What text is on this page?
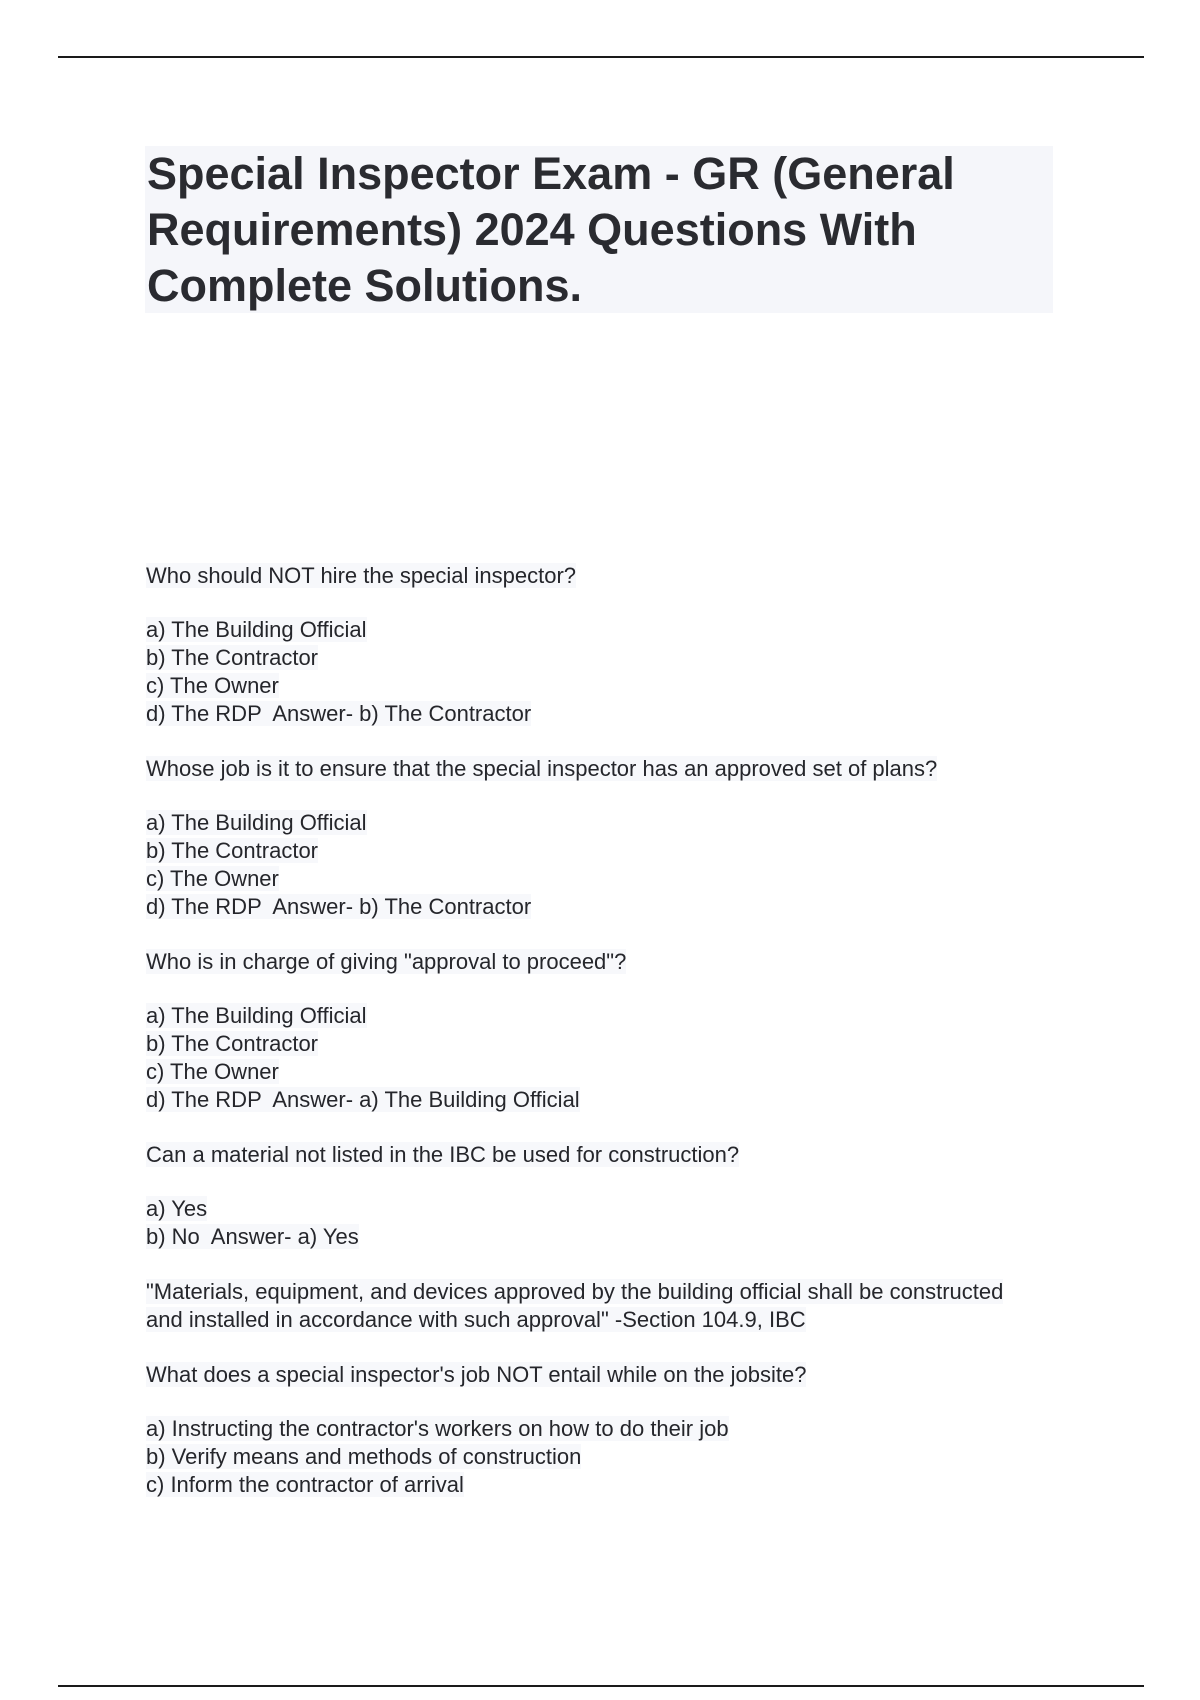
Special Inspector Exam - GR (General Requirements) 2024 Questions With Complete Solutions.
Who should NOT hire the special inspector?
a) The Building Official
b) The Contractor
c) The Owner
d) The RDP  Answer- b) The Contractor
Whose job is it to ensure that the special inspector has an approved set of plans?
a) The Building Official
b) The Contractor
c) The Owner
d) The RDP  Answer- b) The Contractor
Who is in charge of giving "approval to proceed"?
a) The Building Official
b) The Contractor
c) The Owner
d) The RDP  Answer- a) The Building Official
Can a material not listed in the IBC be used for construction?
a) Yes
b) No  Answer- a) Yes
"Materials, equipment, and devices approved by the building official shall be constructed and installed in accordance with such approval" -Section 104.9, IBC
What does a special inspector's job NOT entail while on the jobsite?
a) Instructing the contractor's workers on how to do their job
b) Verify means and methods of construction
c) Inform the contractor of arrival
